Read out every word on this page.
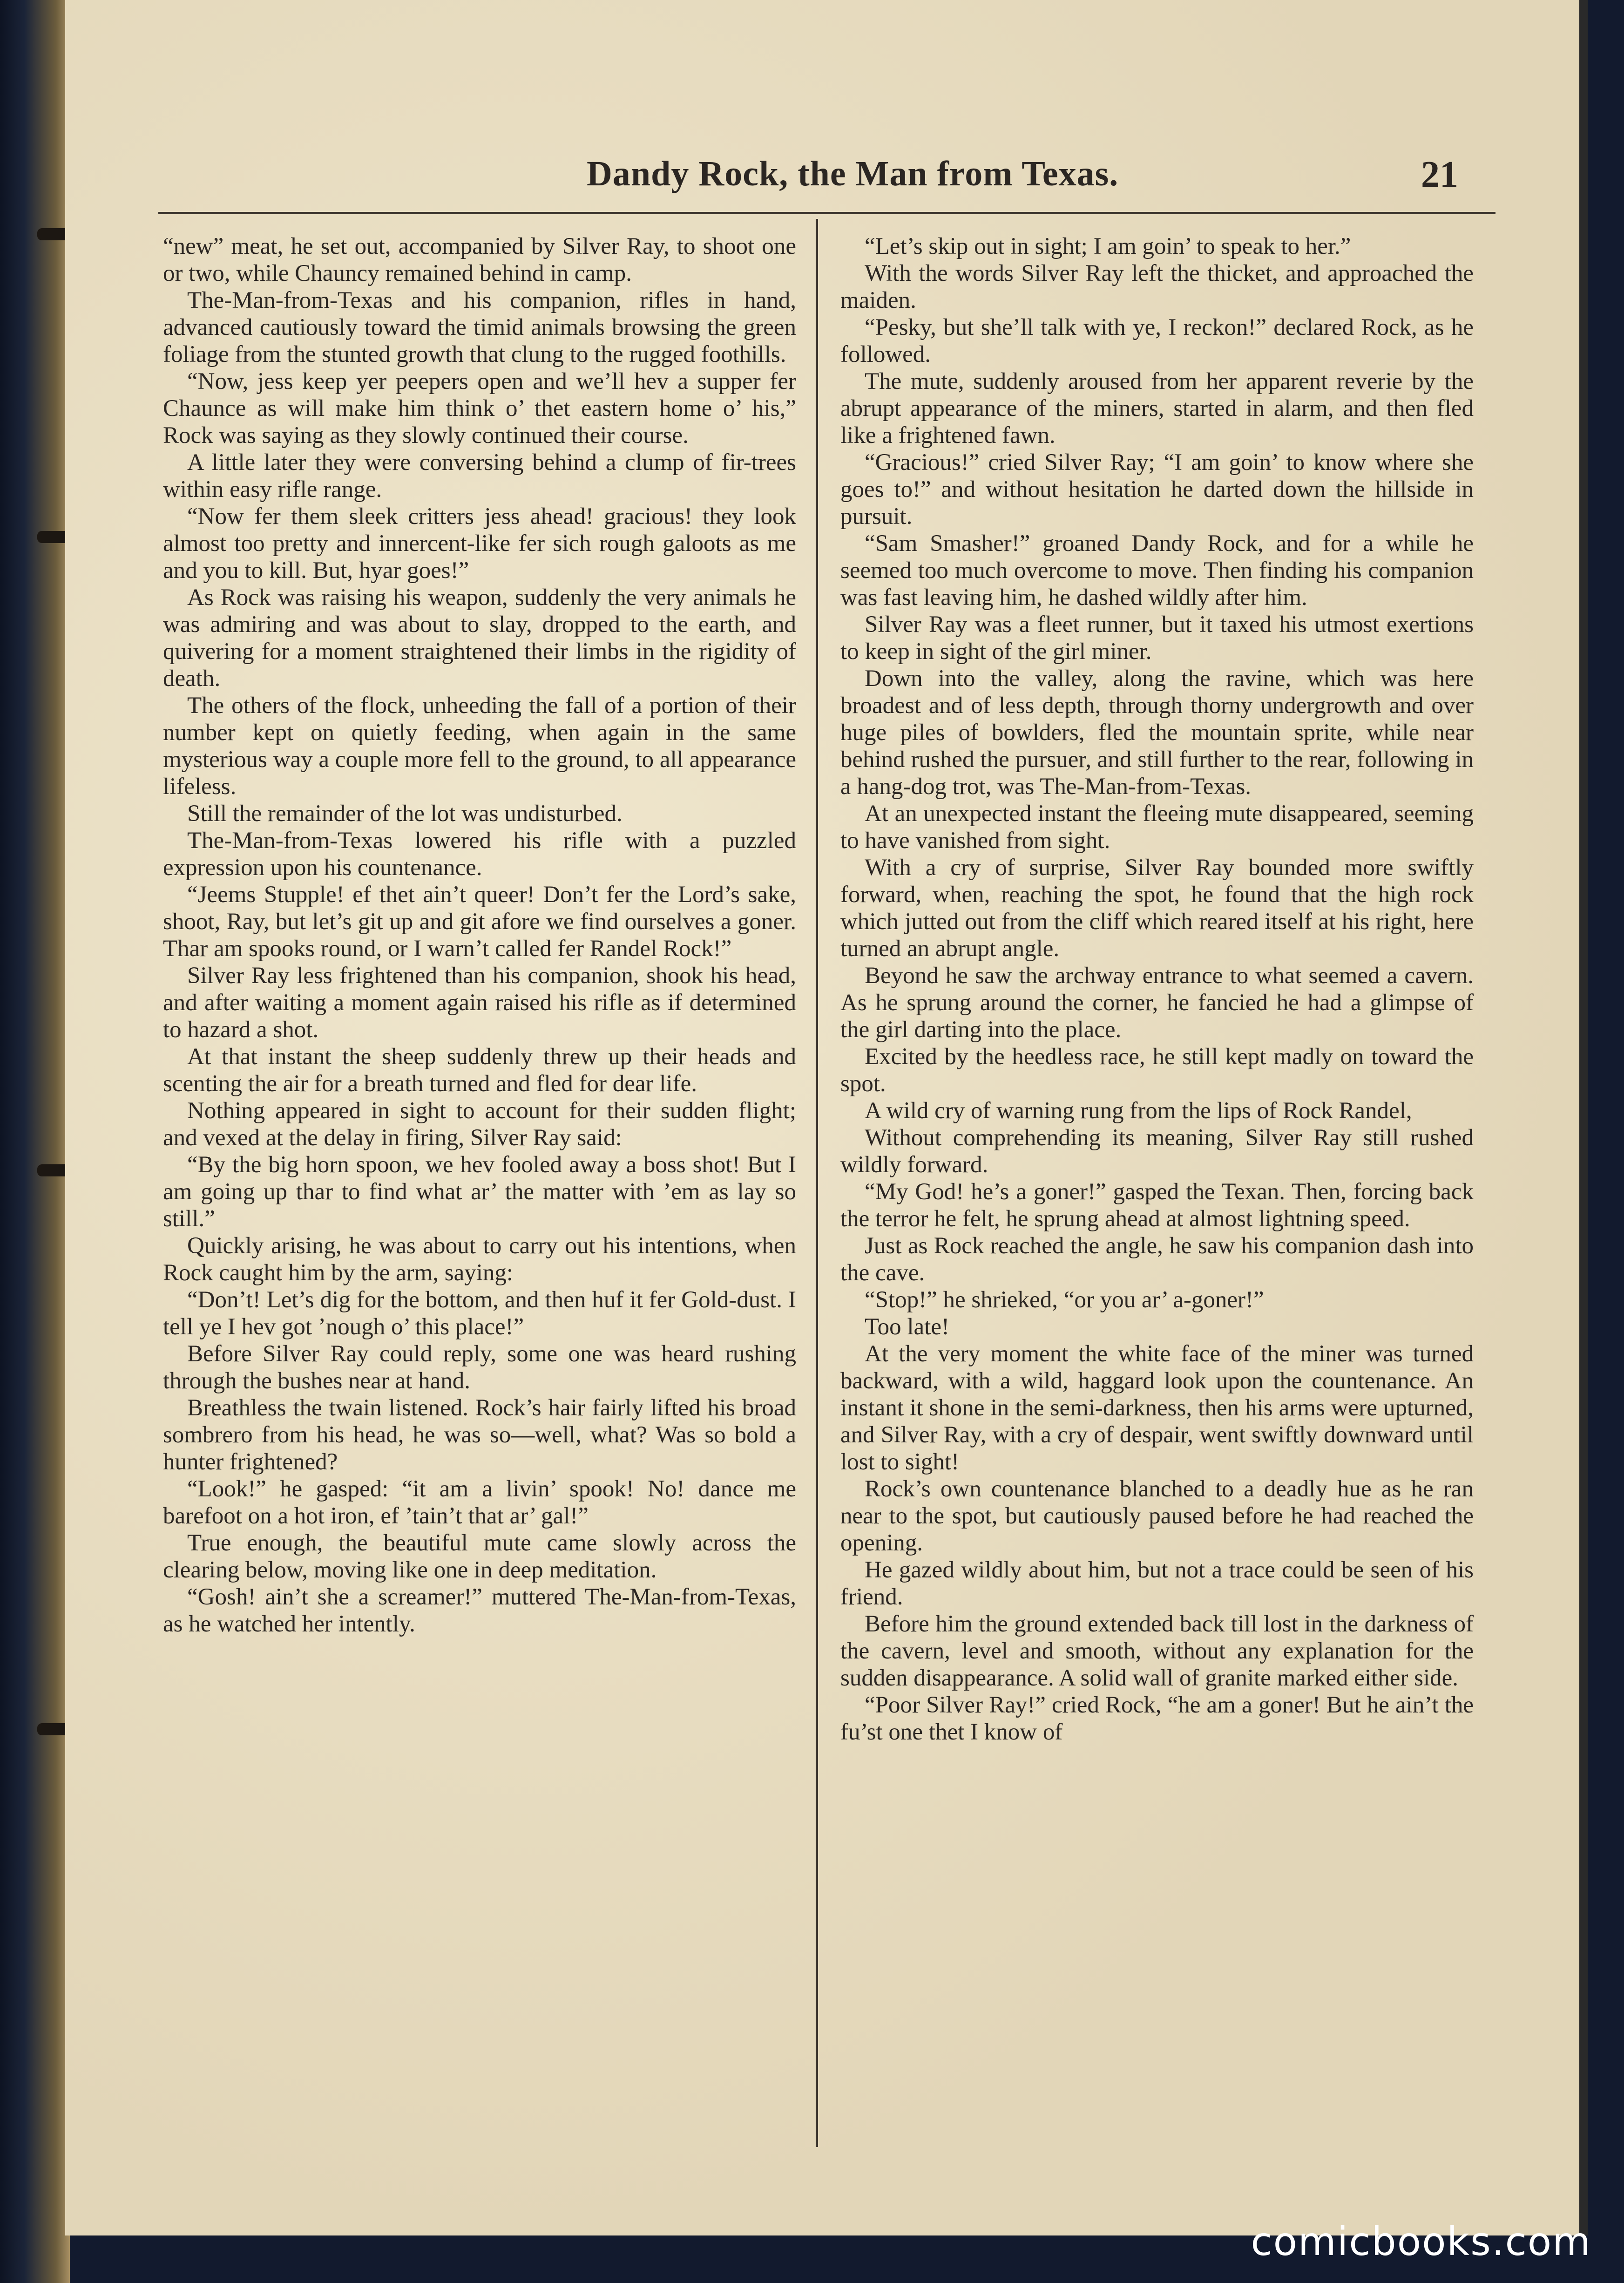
Dandy Rock, the Man from Texas.	21

“new” meat, he set out, accompanied by Silver Ray, to shoot one or two, while Chauncy remained behind in camp.

The-Man-from-Texas and his companion, rifles in hand, advanced cautiously toward the timid animals browsing the green foliage from the stunted growth that clung to the rugged foothills.

“Now, jess keep yer peepers open and we’ll hev a supper fer Chaunce as will make him think o’ thet eastern home o’ his,” Rock was saying as they slowly continued their course.

A little later they were conversing behind a clump of fir-trees within easy rifle range.

“Now fer them sleek critters jess ahead! gracious! they look almost too pretty and innercent-like fer sich rough galoots as me and you to kill. But, hyar goes!”

As Rock was raising his weapon, suddenly the very animals he was admiring and was about to slay, dropped to the earth, and quivering for a moment straightened their limbs in the rigidity of death.

The others of the flock, unheeding the fall of a portion of their number kept on quietly feeding, when again in the same mysterious way a couple more fell to the ground, to all appearance lifeless.

Still the remainder of the lot was undisturbed.

The-Man-from-Texas lowered his rifle with a puzzled expression upon his countenance.

“Jeems Stupple! ef thet ain’t queer! Don’t fer the Lord’s sake, shoot, Ray, but let’s git up and git afore we find ourselves a goner. Thar am spooks round, or I warn’t called fer Randel Rock!”

Silver Ray less frightened than his companion, shook his head, and after waiting a moment again raised his rifle as if determined to hazard a shot.

At that instant the sheep suddenly threw up their heads and scenting the air for a breath turned and fled for dear life.

Nothing appeared in sight to account for their sudden flight; and vexed at the delay in firing, Silver Ray said:

“By the big horn spoon, we hev fooled away a boss shot! But I am going up thar to find what ar’ the matter with ’em as lay so still.”

Quickly arising, he was about to carry out his intentions, when Rock caught him by the arm, saying:

“Don’t! Let’s dig for the bottom, and then huf it fer Gold-dust. I tell ye I hev got ’nough o’ this place!”

Before Silver Ray could reply, some one was heard rushing through the bushes near at hand.

Breathless the twain listened. Rock’s hair fairly lifted his broad sombrero from his head, he was so—well, what? Was so bold a hunter frightened?

“Look!” he gasped: “it am a livin’ spook! No! dance me barefoot on a hot iron, ef ’tain’t that ar’ gal!”

True enough, the beautiful mute came slowly across the clearing below, moving like one in deep meditation.

“Gosh! ain’t she a screamer!” muttered The-Man-from-Texas, as he watched her intently.

“Let’s skip out in sight; I am goin’ to speak to her.”

With the words Silver Ray left the thicket, and approached the maiden.

“Pesky, but she’ll talk with ye, I reckon!” declared Rock, as he followed.

The mute, suddenly aroused from her apparent reverie by the abrupt appearance of the miners, started in alarm, and then fled like a frightened fawn.

“Gracious!” cried Silver Ray; “I am goin’ to know where she goes to!” and without hesitation he darted down the hillside in pursuit.

“Sam Smasher!” groaned Dandy Rock, and for a while he seemed too much overcome to move. Then finding his companion was fast leaving him, he dashed wildly after him.

Silver Ray was a fleet runner, but it taxed his utmost exertions to keep in sight of the girl miner.

Down into the valley, along the ravine, which was here broadest and of less depth, through thorny undergrowth and over huge piles of bowlders, fled the mountain sprite, while near behind rushed the pursuer, and still further to the rear, following in a hang-dog trot, was The-Man-from-Texas.

At an unexpected instant the fleeing mute disappeared, seeming to have vanished from sight.

With a cry of surprise, Silver Ray bounded more swiftly forward, when, reaching the spot, he found that the high rock which jutted out from the cliff which reared itself at his right, here turned an abrupt angle.

Beyond he saw the archway entrance to what seemed a cavern. As he sprung around the corner, he fancied he had a glimpse of the girl darting into the place.

Excited by the heedless race, he still kept madly on toward the spot.

A wild cry of warning rung from the lips of Rock Randel,

Without comprehending its meaning, Silver Ray still rushed wildly forward.

“My God! he’s a goner!” gasped the Texan. Then, forcing back the terror he felt, he sprung ahead at almost lightning speed.

Just as Rock reached the angle, he saw his companion dash into the cave.

“Stop!” he shrieked, “or you ar’ a-goner!”

Too late!

At the very moment the white face of the miner was turned backward, with a wild, haggard look upon the countenance. An instant it shone in the semi-darkness, then his arms were upturned, and Silver Ray, with a cry of despair, went swiftly downward until lost to sight!

Rock’s own countenance blanched to a deadly hue as he ran near to the spot, but cautiously paused before he had reached the opening.

He gazed wildly about him, but not a trace could be seen of his friend.

Before him the ground extended back till lost in the darkness of the cavern, level and smooth, without any explanation for the sudden disappearance. A solid wall of granite marked either side.

“Poor Silver Ray!” cried Rock, “he am a goner! But he ain’t the fu’st one thet I know of

comicbooks.com
